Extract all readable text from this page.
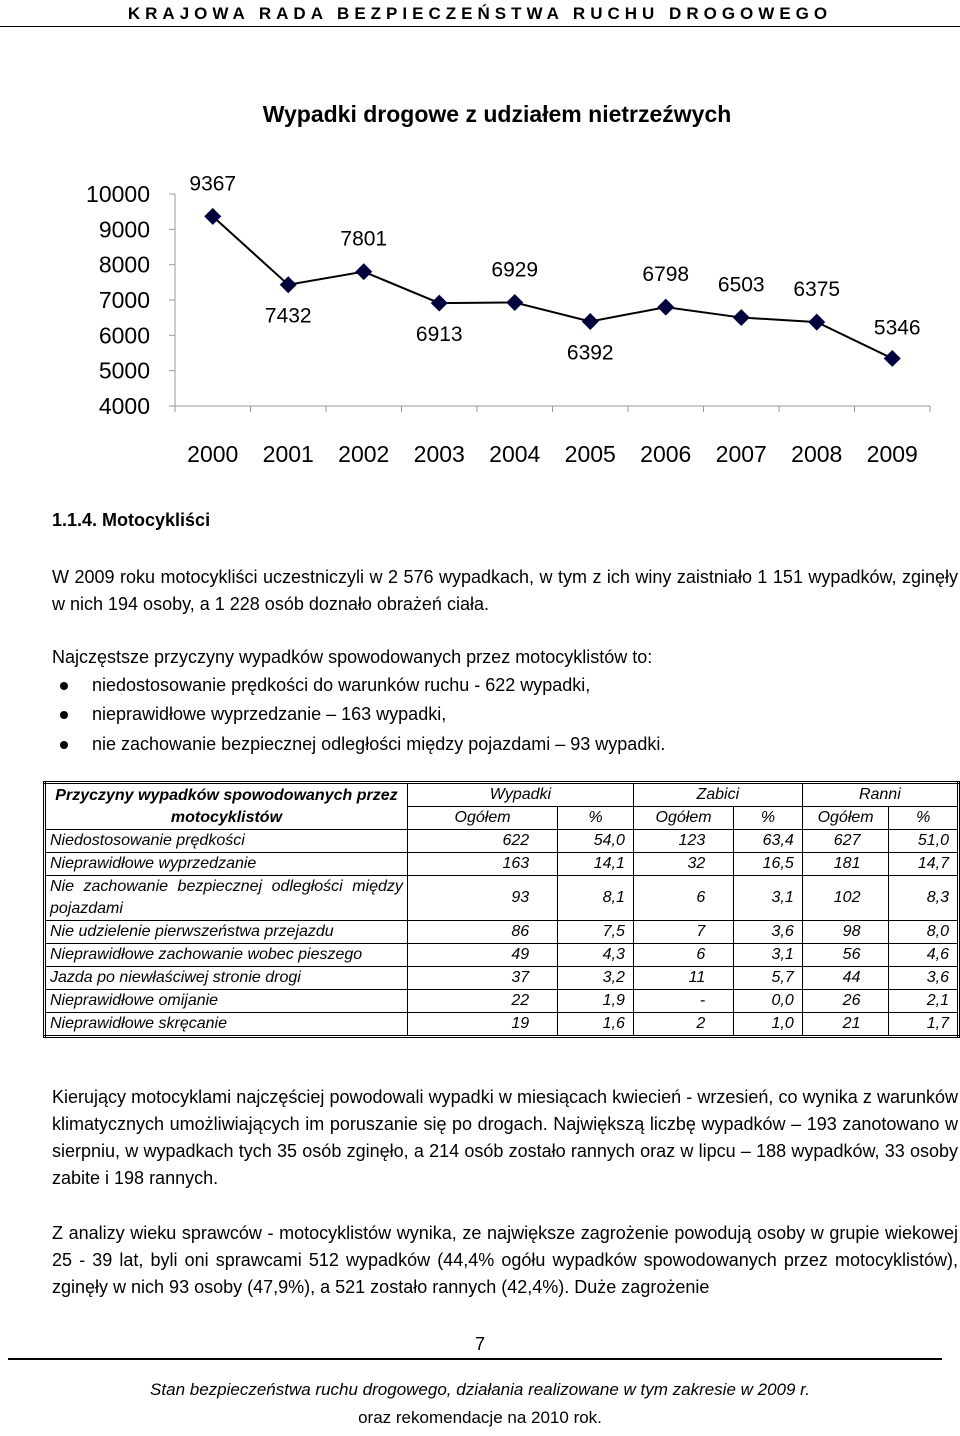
KRAJOWA RADA BEZPIECZEŃSTWA RUCHU DROGOWEGO
Wypadki drogowe z udziałem nietrzeźwych
10000
9000
8000
7000
6000
5000
4000
2000 2001 2002 2003 2004 2005 2006 2007 2008 2009
9367
7432
7801
6913
6929
6392
6798 6503 6375
5346
1.1.4. Motocykliści
W 2009 roku motocykliści uczestniczyli w 2 576 wypadkach, w tym z ich winy zaistniało 1 151 wypadków, zginęły w nich 194 osoby, a 1 228 osób doznało obrażeń ciała.
Najczęstsze przyczyny wypadków spowodowanych przez motocyklistów to:
niedostosowanie prędkości do warunków ruchu - 622 wypadki,
nieprawidłowe wyprzedzanie – 163 wypadki,
nie zachowanie bezpiecznej odległości między pojazdami – 93 wypadki.
Przyczyny wypadków spowodowanych przez motocyklistów	Wypadki		Zabici		Ranni	
	Ogółem	%	Ogółem	%	Ogółem	%
Niedostosowanie prędkości	622	54,0	123	63,4	627	51,0
Nieprawidłowe wyprzedzanie	163	14,1	32	16,5	181	14,7
Nie zachowanie bezpiecznej odległości między pojazdami	93	8,1	6	3,1	102	8,3
Nie udzielenie pierwszeństwa przejazdu	86	7,5	7	3,6	98	8,0
Nieprawidłowe zachowanie wobec pieszego	49	4,3	6	3,1	56	4,6
Jazda po niewłaściwej stronie drogi	37	3,2	11	5,7	44	3,6
Nieprawidłowe omijanie	22	1,9	-	0,0	26	2,1
Nieprawidłowe skręcanie	19	1,6	2	1,0	21	1,7
Kierujący motocyklami najczęściej powodowali wypadki w miesiącach kwiecień - wrzesień, co wynika z warunków klimatycznych umożliwiających im poruszanie się po drogach. Największą liczbę wypadków – 193 zanotowano w sierpniu, w wypadkach tych 35 osób zginęło, a 214 osób zostało rannych oraz w lipcu – 188 wypadków, 33 osoby zabite i 198 rannych.
Z analizy wieku sprawców - motocyklistów wynika, ze największe zagrożenie powodują osoby w grupie wiekowej 25 - 39 lat, byli oni sprawcami 512 wypadków (44,4% ogółu wypadków spowodowanych przez motocyklistów), zginęły w nich 93 osoby (47,9%), a 521 zostało rannych (42,4%). Duże zagrożenie
7
Stan bezpieczeństwa ruchu drogowego, działania realizowane w tym zakresie w 2009 r.
oraz rekomendacje na 2010 rok.
